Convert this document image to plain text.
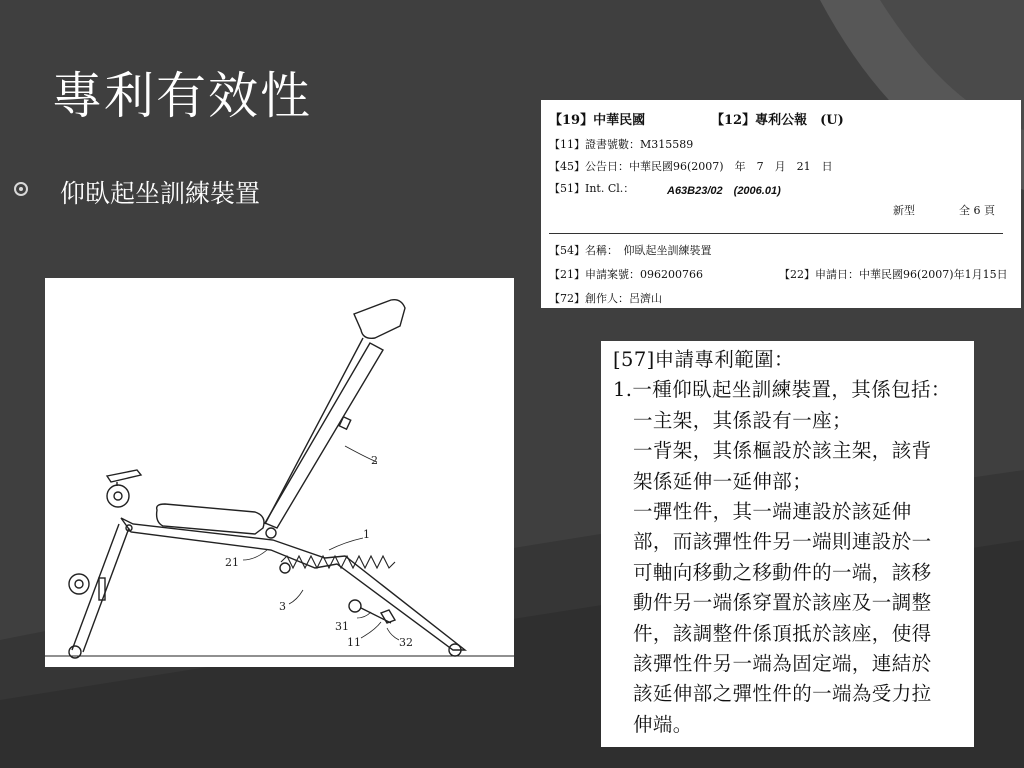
專利有效性
仰臥起坐訓練裝置
2
1
21
3
31
11	32
【19】中華民國	【12】專利公報　(U)
【11】證書號數：M315589
【45】公告日：中華民國96(2007)　年　7　月　21　日
【51】Int. Cl.：	A63B23/02　(2006.01)
新型	全 6 頁
【54】名稱：　仰臥起坐訓練裝置
【21】申請案號：096200766	【22】申請日：中華民國96(2007)年1月15日
【72】創作人：呂濟山
[57]申請專利範圍：
1.一種仰臥起坐訓練裝置，其係包括：
一主架，其係設有一座；
一背架，其係樞設於該主架，該背
架係延伸一延伸部；
一彈性件，其一端連設於該延伸
部，而該彈性件另一端則連設於一
可軸向移動之移動件的一端，該移
動件另一端係穿置於該座及一調整
件，該調整件係頂抵於該座，使得
該彈性件另一端為固定端，連結於
該延伸部之彈性件的一端為受力拉
伸端。
